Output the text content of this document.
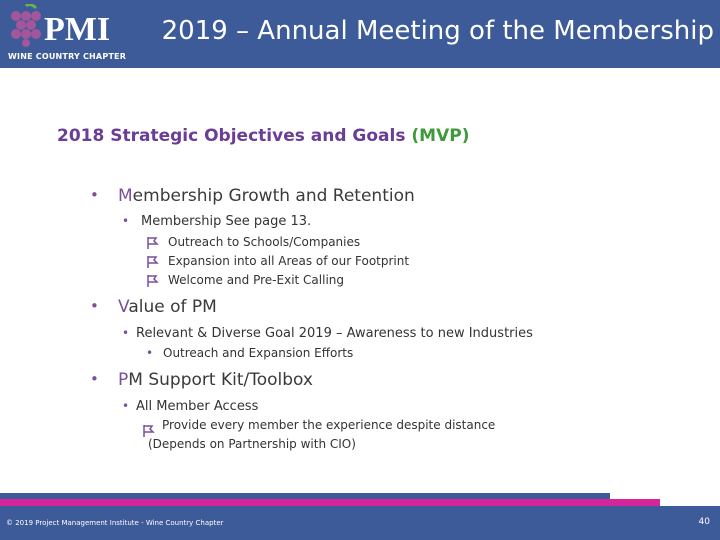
PMI
WINE COUNTRY CHAPTER
2019 – Annual Meeting of the Membership
2018 Strategic Objectives and Goals (MVP)
• Membership Growth and Retention
• Membership See page 13.
Outreach to Schools/Companies
Expansion into all Areas of our Footprint
Welcome and Pre-Exit Calling
• Value of PM
• Relevant & Diverse Goal 2019 – Awareness to new Industries
• Outreach and Expansion Efforts
• PM Support Kit/Toolbox
• All Member Access
Provide every member the experience despite distance
(Depends on Partnership with CIO)
© 2019 Project Management Institute - Wine Country Chapter	40
